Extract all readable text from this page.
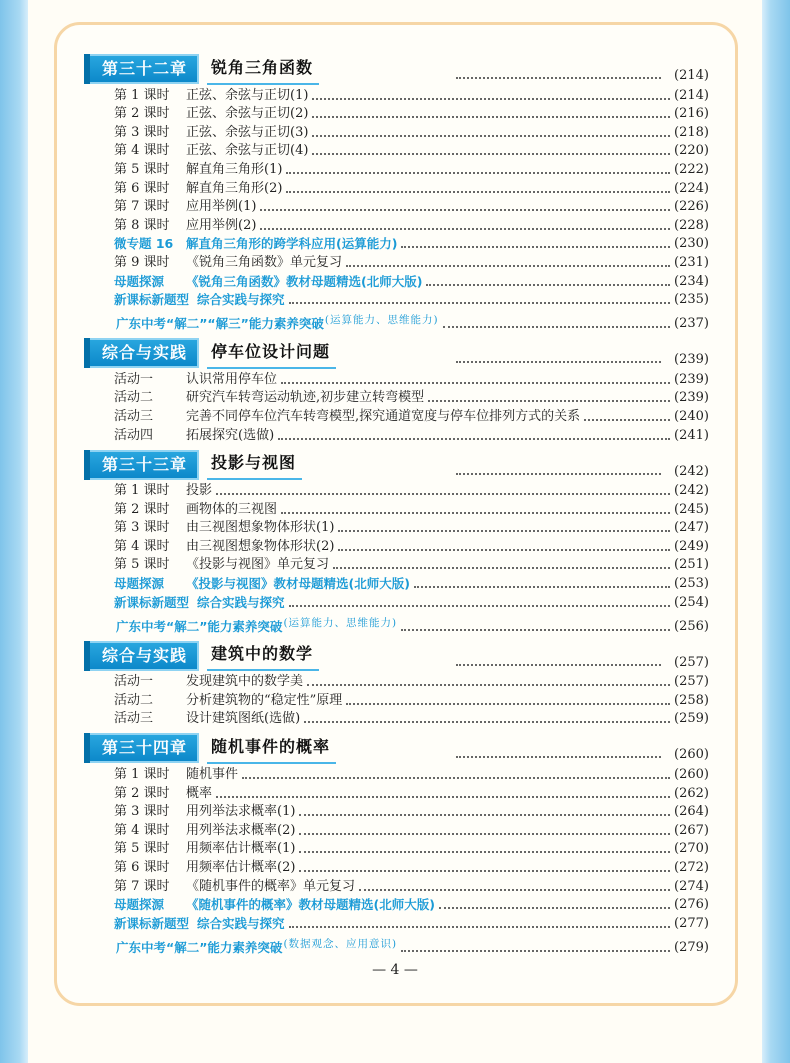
第三十二章	锐角三角函数	(214)
第 1 课时	正弦、余弦与正切(1)	(214)
第 2 课时	正弦、余弦与正切(2)	(216)
第 3 课时	正弦、余弦与正切(3)	(218)
第 4 课时	正弦、余弦与正切(4)	(220)
第 5 课时	解直角三角形(1)	(222)
第 6 课时	解直角三角形(2)	(224)
第 7 课时	应用举例(1)	(226)
第 8 课时	应用举例(2)	(228)
微专题 16	解直角三角形的跨学科应用(运算能力)	(230)
第 9 课时	《锐角三角函数》单元复习	(231)
母题探源	《锐角三角函数》教材母题精选(北师大版)	(234)
新课标新题型 综合实践与探究	(235)
广东中考“解二”“解三”能力素养突破 (运算能力、思维能力)	(237)
综合与实践	停车位设计问题	(239)
活动一	认识常用停车位	(239)
活动二	研究汽车转弯运动轨迹,初步建立转弯模型	(239)
活动三	完善不同停车位汽车转弯模型,探究通道宽度与停车位排列方式的关系	(240)
活动四	拓展探究(选做)	(241)
第三十三章	投影与视图	(242)
第 1 课时	投影	(242)
第 2 课时	画物体的三视图	(245)
第 3 课时	由三视图想象物体形状(1)	(247)
第 4 课时	由三视图想象物体形状(2)	(249)
第 5 课时	《投影与视图》单元复习	(251)
母题探源	《投影与视图》教材母题精选(北师大版)	(253)
新课标新题型 综合实践与探究	(254)
广东中考“解二”能力素养突破 (运算能力、思维能力)	(256)
综合与实践	建筑中的数学	(257)
活动一	发现建筑中的数学美	(257)
活动二	分析建筑物的“稳定性”原理	(258)
活动三	设计建筑图纸(选做)	(259)
第三十四章	随机事件的概率	(260)
第 1 课时	随机事件	(260)
第 2 课时	概率	(262)
第 3 课时	用列举法求概率(1)	(264)
第 4 课时	用列举法求概率(2)	(267)
第 5 课时	用频率估计概率(1)	(270)
第 6 课时	用频率估计概率(2)	(272)
第 7 课时	《随机事件的概率》单元复习	(274)
母题探源	《随机事件的概率》教材母题精选(北师大版)	(276)
新课标新题型 综合实践与探究	(277)
广东中考“解二”能力素养突破 (数据观念、应用意识)	(279)
— 4 —
